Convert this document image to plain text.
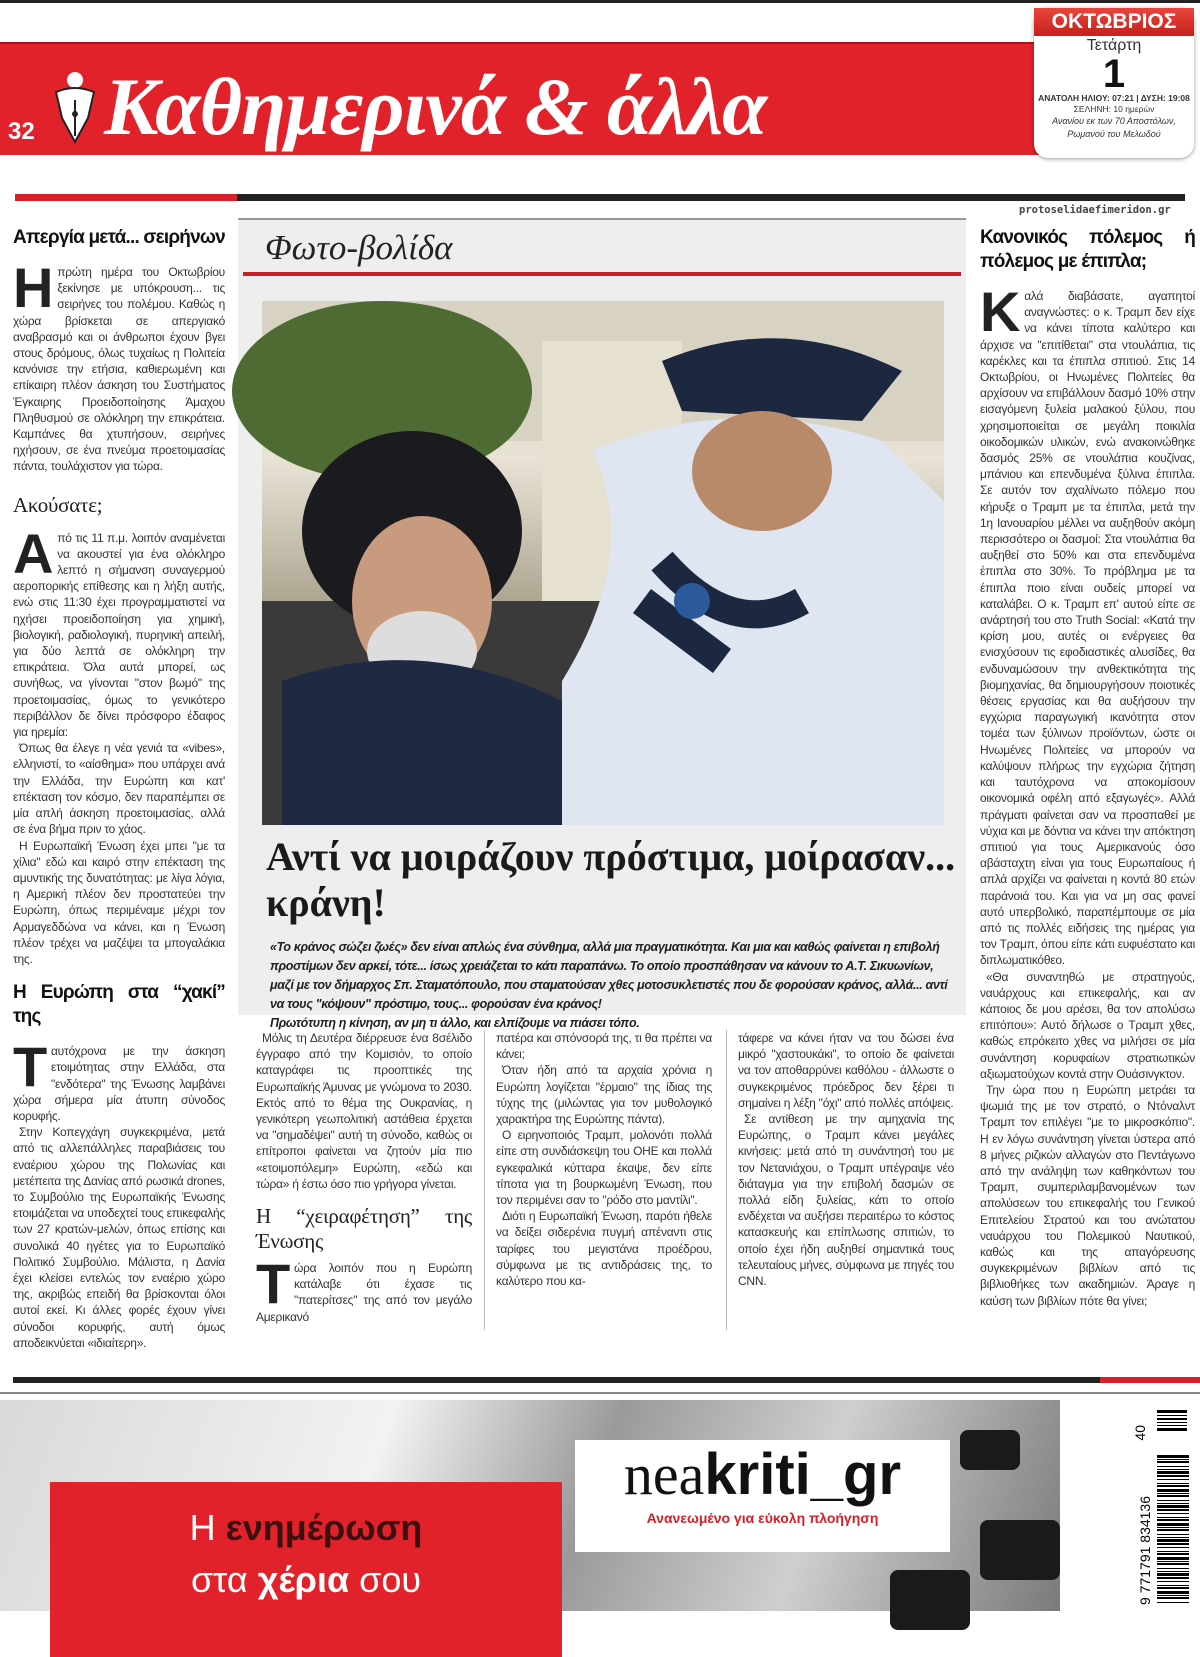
32 Καθημερινά & άλλα
ΟΚΤΩΒΡΙΟΣ
Τετάρτη
1
ΑΝΑΤΟΛΗ ΗΛΙΟΥ: 07:21 | ΔΥΣΗ: 19:08
ΣΕΛΗΝΗ: 10 ημερών
Ανανίου εκ των 70 Αποστόλων, Ρωμανού του Μελωδού
Απεργία μετά... σειρήνων

Ηπρώτη ημέρα του Οκτωβρίου ξεκίνησε με υπόκρουση... τις σειρήνες του πολέμου. Καθώς η χώρα βρίσκεται σε απεργιακό αναβρασμό και οι άνθρωποι έχουν βγει στους δρόμους, όλως τυχαίως η Πολιτεία κανόνισε την ετήσια, καθιερωμένη και επίκαιρη πλέον άσκηση του Συστήματος Έγκαιρης Προειδοποίησης Άμαχου Πληθυσμού σε ολόκληρη την επικράτεια. Καμπάνες θα χτυπήσουν, σειρήνες ηχήσουν, σε ένα πνεύμα προετοιμασίας πάντα, τουλάχιστον για τώρα.

Ακούσατε;

Από τις 11 π.μ. λοιπόν αναμένεται να ακουστεί για ένα ολόκληρο λεπτό η σήμανση συναγερμού αεροπορικής επίθεσης και η λήξη αυτής, ενώ στις 11:30 έχει προγραμματιστεί να ηχήσει προειδοποίηση για χημική, βιολογική, ραδιολογική, πυρηνική απειλή, για δύο λεπτά σε ολόκληρη την επικράτεια. Όλα αυτά μπορεί, ως συνήθως, να γίνονται "στον βωμό" της προετοιμασίας, όμως το γενικότερο περιβάλλον δε δίνει πρόσφορο έδαφος για ηρεμία:

Όπως θα έλεγε η νέα γενιά τα «vibes», ελληνιστί, το «αίσθημα» που υπάρχει ανά την Ελλάδα, την Ευρώπη και κατ' επέκταση τον κόσμο, δεν παραπέμπει σε μία απλή άσκηση προετοιμασίας, αλλά σε ένα βήμα πριν το χάος.

Η Ευρωπαϊκή Ένωση έχει μπει "με τα χίλια" εδώ και καιρό στην επέκταση της αμυντικής της δυνατότητας: με λίγα λόγια, η Αμερική πλέον δεν προστατεύει την Ευρώπη, όπως περιμέναμε μέχρι τον Αρμαγεδδώνα να κάνει, και η Ένωση πλέον τρέχει να μαζέψει τα μπογαλάκια της.

Η Ευρώπη στα “χακί” της

Ταυτόχρονα με την άσκηση ετοιμότητας στην Ελλάδα, στα "ενδότερα" της Ένωσης λαμβάνει χώρα σήμερα μία άτυπη σύνοδος κορυφής.

Στην Κοπεγχάγη συγκεκριμένα, μετά από τις αλλεπάλληλες παραβιάσεις του εναέριου χώρου της Πολωνίας και μετέπειτα της Δανίας από ρωσικά drones, το Συμβούλιο της Ευρωπαϊκής Ένωσης ετοιμάζεται να υποδεχτεί τους επικεφαλής των 27 κρατών-μελών, όπως επίσης και συνολικά 40 ηγέτες για το Ευρωπαϊκό Πολιτικό Συμβούλιο. Μάλιστα, η Δανία έχει κλείσει εντελώς τον εναέριο χώρο της, ακριβώς επειδή θα βρίσκονται όλοι αυτοί εκεί. Κι άλλες φορές έχουν γίνει σύνοδοι κορυφής, αυτή όμως αποδεικνύεται «ιδιαίτερη».

Φωτο-βολίδα
Αντί να μοιράζουν πρόστιμα, μοίρασαν... κράνη!

«Το κράνος σώζει ζωές» δεν είναι απλώς ένα σύνθημα, αλλά μια πραγματικότητα. Και μια και καθώς φαίνεται η επιβολή προστίμων δεν αρκεί, τότε... ίσως χρειάζεται το κάτι παραπάνω. Το οποίο προσπάθησαν να κάνουν το Α.Τ. Σικυωνίων, μαζί με τον δήμαρχος Σπ. Σταματόπουλο, που σταματούσαν χθες μοτοσυκλετιστές που δε φορούσαν κράνος, αλλά... αντί να τους "κόψουν" πρόστιμο, τους... φορούσαν ένα κράνος!

Πρωτότυπη η κίνηση, αν μη τι άλλο, και ελπίζουμε να πιάσει τόπο.

Μόλις τη Δευτέρα διέρρευσε ένα 8σέλιδο έγγραφο από την Κομισιόν, το οποίο καταγράφει τις προοπτικές της Ευρωπαϊκής Άμυνας με γνώμονα το 2030. Εκτός από το θέμα της Ουκρανίας, η γενικότερη γεωπολιτική αστάθεια έρχεται να "σημαδέψει" αυτή τη σύνοδο, καθώς οι επίτροποι φαίνεται να ζητούν μία πιο «ετοιμοπόλεμη» Ευρώπη, «εδώ και τώρα» ή έστω όσο πιο γρήγορα γίνεται.

Η “χειραφέτηση” της Ένωσης

Τώρα λοιπόν που η Ευρώπη κατάλαβε ότι έχασε τις "πατερίτσες" της από τον μεγάλο Αμερικανό

πατέρα και σπόνσορά της, τι θα πρέπει να κάνει;

Όταν ήδη από τα αρχαία χρόνια η Ευρώπη λογίζεται "έρμαιο" της ίδιας της τύχης της (μιλώντας για τον μυθολογικό χαρακτήρα της Ευρώπης πάντα).

Ο ειρηνοποιός Τραμπ, μολονότι πολλά είπε στη συνδιάσκεψη του ΟΗΕ και πολλά εγκεφαλικά κύτταρα έκαψε, δεν είπε τίποτα για τη βουρκωμένη Ένωση, που τον περιμένει σαν το "ρόδο στο μαντίλι".

Διότι η Ευρωπαϊκή Ένωση, παρότι ήθελε να δείξει σιδερένια πυγμή απέναντι στις ταρίφες του μεγιστάνα προέδρου, σύμφωνα με τις αντιδράσεις της, το καλύτερο που κα-

τάφερε να κάνει ήταν να του δώσει ένα μικρό "χαστουκάκι", το οποίο δε φαίνεται να τον αποθαρρύνει καθόλου - άλλωστε ο συγκεκριμένος πρόεδρος δεν ξέρει τι σημαίνει η λέξη "όχι" από πολλές απόψεις.

Σε αντίθεση με την αμηχανία της Ευρώπης, ο Τραμπ κάνει μεγάλες κινήσεις: μετά από τη συνάντησή του με τον Νετανιάχου, ο Τραμπ υπέγραψε νέο διάταγμα για την επιβολή δασμών σε πολλά είδη ξυλείας, κάτι το οποίο ενδέχεται να αυξήσει περαιτέρω το κόστος κατασκευής και επίπλωσης σπιτιών, το οποίο έχει ήδη αυξηθεί σημαντικά τους τελευταίους μήνες, σύμφωνα με πηγές του CNN.

Κανονικός πόλεμος ή πόλεμος με έπιπλα;

Καλά διαβάσατε, αγαπητοί αναγνώστες: ο κ. Τραμπ δεν είχε να κάνει τίποτα καλύτερο και άρχισε να "επιτίθεται" στα ντουλάπια, τις καρέκλες και τα έπιπλα σπιτιού. Στις 14 Οκτωβρίου, οι Ηνωμένες Πολιτείες θα αρχίσουν να επιβάλλουν δασμό 10% στην εισαγόμενη ξυλεία μαλακού ξύλου, που χρησιμοποιείται σε μεγάλη ποικιλία οικοδομικών υλικών, ενώ ανακοινώθηκε δασμός 25% σε ντουλάπια κουζίνας, μπάνιου και επενδυμένα ξύλινα έπιπλα. Σε αυτόν τον αχαλίνωτο πόλεμο που κήρυξε ο Τραμπ με τα έπιπλα, μετά την 1η Ιανουαρίου μέλλει να αυξηθούν ακόμη περισσότερο οι δασμοί: Στα ντουλάπια θα αυξηθεί στο 50% και στα επενδυμένα έπιπλα στο 30%. Το πρόβλημα με τα έπιπλα ποιο είναι ουδείς μπορεί να καταλάβει. Ο κ. Τραμπ επ' αυτού είπε σε ανάρτησή του στο Truth Social: «Κατά την κρίση μου, αυτές οι ενέργειες θα ενισχύσουν τις εφοδιαστικές αλυσίδες, θα ενδυναμώσουν την ανθεκτικότητα της βιομηχανίας, θα δημιουργήσουν ποιοτικές θέσεις εργασίας και θα αυξήσουν την εγχώρια παραγωγική ικανότητα στον τομέα των ξύλινων προϊόντων, ώστε οι Ηνωμένες Πολιτείες να μπορούν να καλύψουν πλήρως την εγχώρια ζήτηση και ταυτόχρονα να αποκομίσουν οικονομικά οφέλη από εξαγωγές». Αλλά πράγματι φαίνεται σαν να προσπαθεί με νύχια και με δόντια να κάνει την απόκτηση σπιτιού για τους Αμερικανούς όσο αβάσταχτη είναι για τους Ευρωπαίους ή απλά αρχίζει να φαίνεται η κοντά 80 ετών παράνοιά του. Και για να μη σας φανεί αυτό υπερβολικό, παραπέμπουμε σε μία από τις πολλές ειδήσεις της ημέρας για τον Τραμπ, όπου είπε κάτι ευφυέστατο και διπλωματικόθεο.

«Θα συναντηθώ με στρατηγούς, ναυάρχους και επικεφαλής, και αν κάποιος δε μου αρέσει, θα τον απολύσω επιτόπου»: Αυτό δήλωσε ο Τραμπ χθες, καθώς επρόκειτο χθες να μιλήσει σε μία συνάντηση κορυφαίων στρατιωτικών αξιωματούχων κοντά στην Ουάσινγκτον.

Την ώρα που η Ευρώπη μετράει τα ψωμιά της με τον στρατό, ο Ντόναλντ Τραμπ τον επιλέγει "με το μικροσκόπιο". Η εν λόγω συνάντηση γίνεται ύστερα από 8 μήνες ριζικών αλλαγών στο Πεντάγωνο από την ανάληψη των καθηκόντων του Τραμπ, συμπεριλαμβανομένων των απολύσεων του επικεφαλής του Γενικού Επιτελείου Στρατού και του ανώτατου ναυάρχου του Πολεμικού Ναυτικού, καθώς και της απαγόρευσης συγκεκριμένων βιβλίων από τις βιβλιοθήκες των ακαδημιών. Άραγε η καύση των βιβλίων πότε θα γίνει;

protoselidaefimeridon.gr
Η ενημέρωση
στα χέρια σου
neakriti_gr
Ανανεωμένο για εύκολη πλοήγηση
40
9 771791 834136
